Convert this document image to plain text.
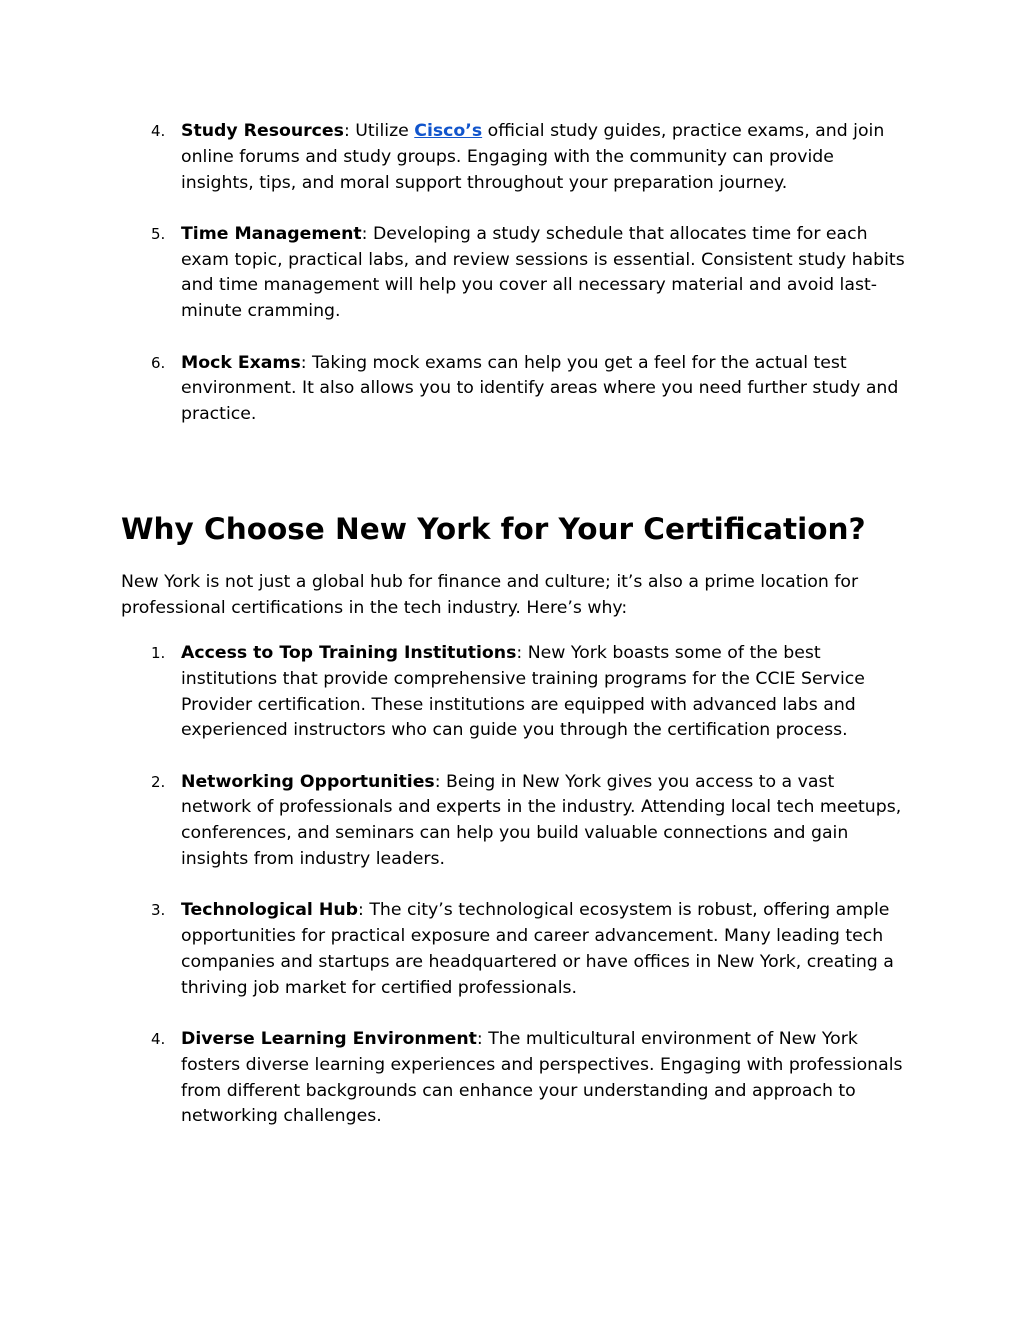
4. Study Resources: Utilize Cisco’s official study guides, practice exams, and join online forums and study groups. Engaging with the community can provide insights, tips, and moral support throughout your preparation journey.
5. Time Management: Developing a study schedule that allocates time for each exam topic, practical labs, and review sessions is essential. Consistent study habits and time management will help you cover all necessary material and avoid last-minute cramming.
6. Mock Exams: Taking mock exams can help you get a feel for the actual test environment. It also allows you to identify areas where you need further study and practice.
Why Choose New York for Your Certification?

New York is not just a global hub for finance and culture; it’s also a prime location for professional certifications in the tech industry. Here’s why:

1. Access to Top Training Institutions: New York boasts some of the best institutions that provide comprehensive training programs for the CCIE Service Provider certification. These institutions are equipped with advanced labs and experienced instructors who can guide you through the certification process.
2. Networking Opportunities: Being in New York gives you access to a vast network of professionals and experts in the industry. Attending local tech meetups, conferences, and seminars can help you build valuable connections and gain insights from industry leaders.
3. Technological Hub: The city’s technological ecosystem is robust, offering ample opportunities for practical exposure and career advancement. Many leading tech companies and startups are headquartered or have offices in New York, creating a thriving job market for certified professionals.
4. Diverse Learning Environment: The multicultural environment of New York fosters diverse learning experiences and perspectives. Engaging with professionals from different backgrounds can enhance your understanding and approach to networking challenges.
